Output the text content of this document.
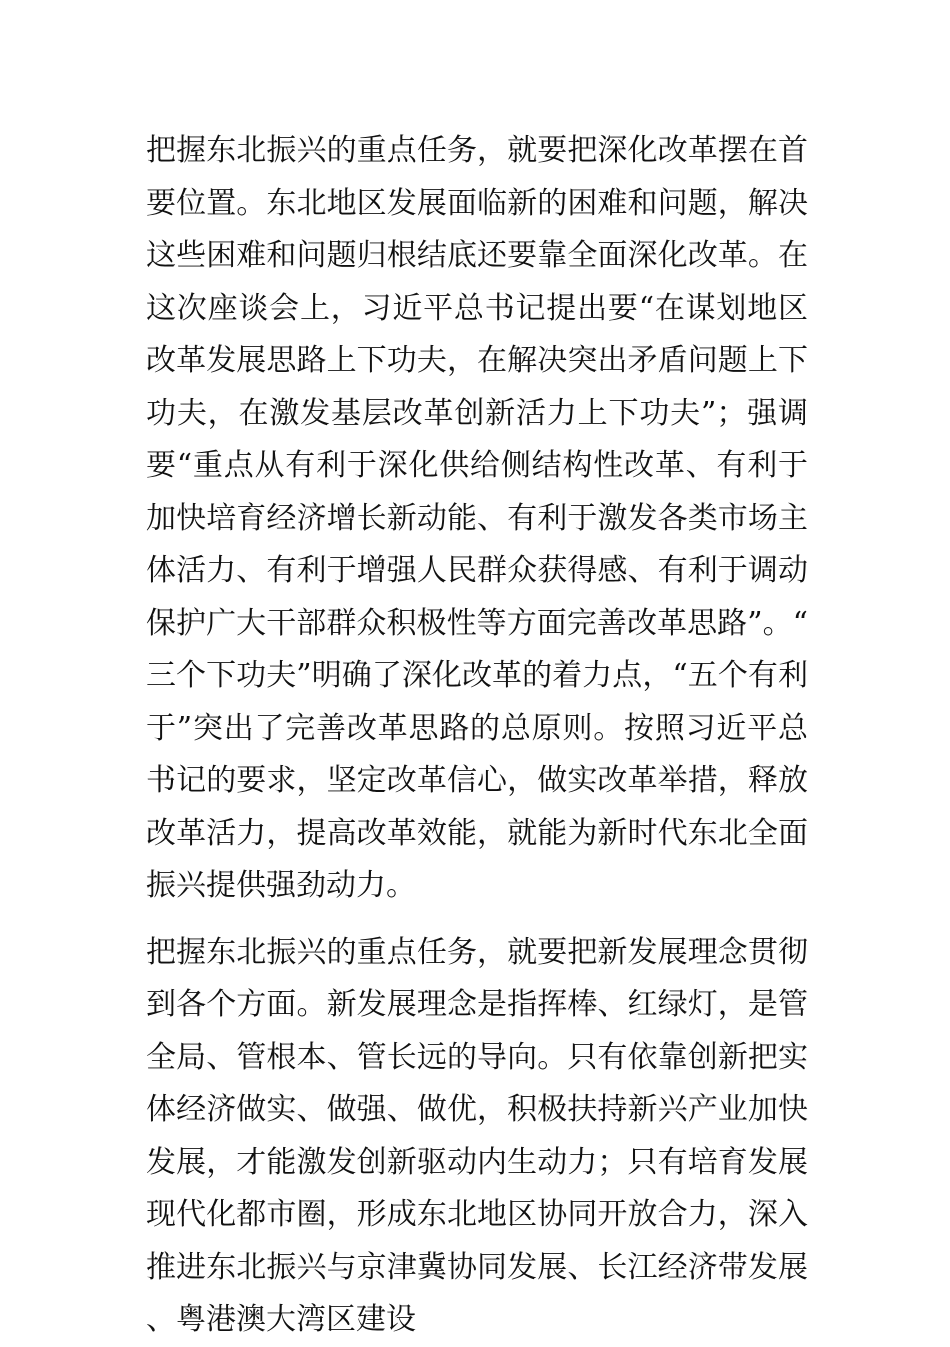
把握东北振兴的重点任务，就要把深化改革摆在首要位置。东北地区发展面临新的困难和问题，解决这些困难和问题归根结底还要靠全面深化改革。在这次座谈会上，习近平总书记提出要“在谋划地区改革发展思路上下功夫，在解决突出矛盾问题上下功夫，在激发基层改革创新活力上下功夫”；强调要“重点从有利于深化供给侧结构性改革、有利于加快培育经济增长新动能、有利于激发各类市场主体活力、有利于增强人民群众获得感、有利于调动保护广大干部群众积极性等方面完善改革思路”。“三个下功夫”明确了深化改革的着力点，“五个有利于”突出了完善改革思路的总原则。按照习近平总书记的要求，坚定改革信心，做实改革举措，释放改革活力，提高改革效能，就能为新时代东北全面振兴提供强劲动力。

把握东北振兴的重点任务，就要把新发展理念贯彻到各个方面。新发展理念是指挥棒、红绿灯，是管全局、管根本、管长远的导向。只有依靠创新把实体经济做实、做强、做优，积极扶持新兴产业加快发展，才能激发创新驱动内生动力；只有培育发展现代化都市圈，形成东北地区协同开放合力，深入推进东北振兴与京津冀协同发展、长江经济带发展、粤港澳大湾区建设
